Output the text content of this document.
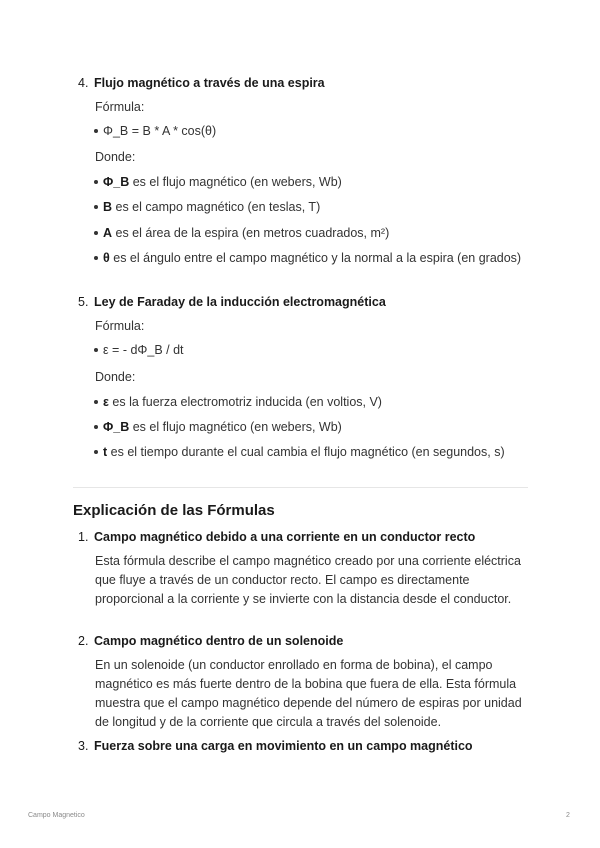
4. Flujo magnético a través de una espira
Fórmula:
Φ_B = B * A * cos(θ)
Donde:
Φ_B es el flujo magnético (en webers, Wb)
B es el campo magnético (en teslas, T)
A es el área de la espira (en metros cuadrados, m²)
θ es el ángulo entre el campo magnético y la normal a la espira (en grados)
5. Ley de Faraday de la inducción electromagnética
Fórmula:
ε = - dΦ_B / dt
Donde:
ε es la fuerza electromotriz inducida (en voltios, V)
Φ_B es el flujo magnético (en webers, Wb)
t es el tiempo durante el cual cambia el flujo magnético (en segundos, s)
Explicación de las Fórmulas
1. Campo magnético debido a una corriente en un conductor recto
Esta fórmula describe el campo magnético creado por una corriente eléctrica que fluye a través de un conductor recto. El campo es directamente proporcional a la corriente y se invierte con la distancia desde el conductor.
2. Campo magnético dentro de un solenoide
En un solenoide (un conductor enrollado en forma de bobina), el campo magnético es más fuerte dentro de la bobina que fuera de ella. Esta fórmula muestra que el campo magnético depende del número de espiras por unidad de longitud y de la corriente que circula a través del solenoide.
3. Fuerza sobre una carga en movimiento en un campo magnético
Campo Magnetico	2
